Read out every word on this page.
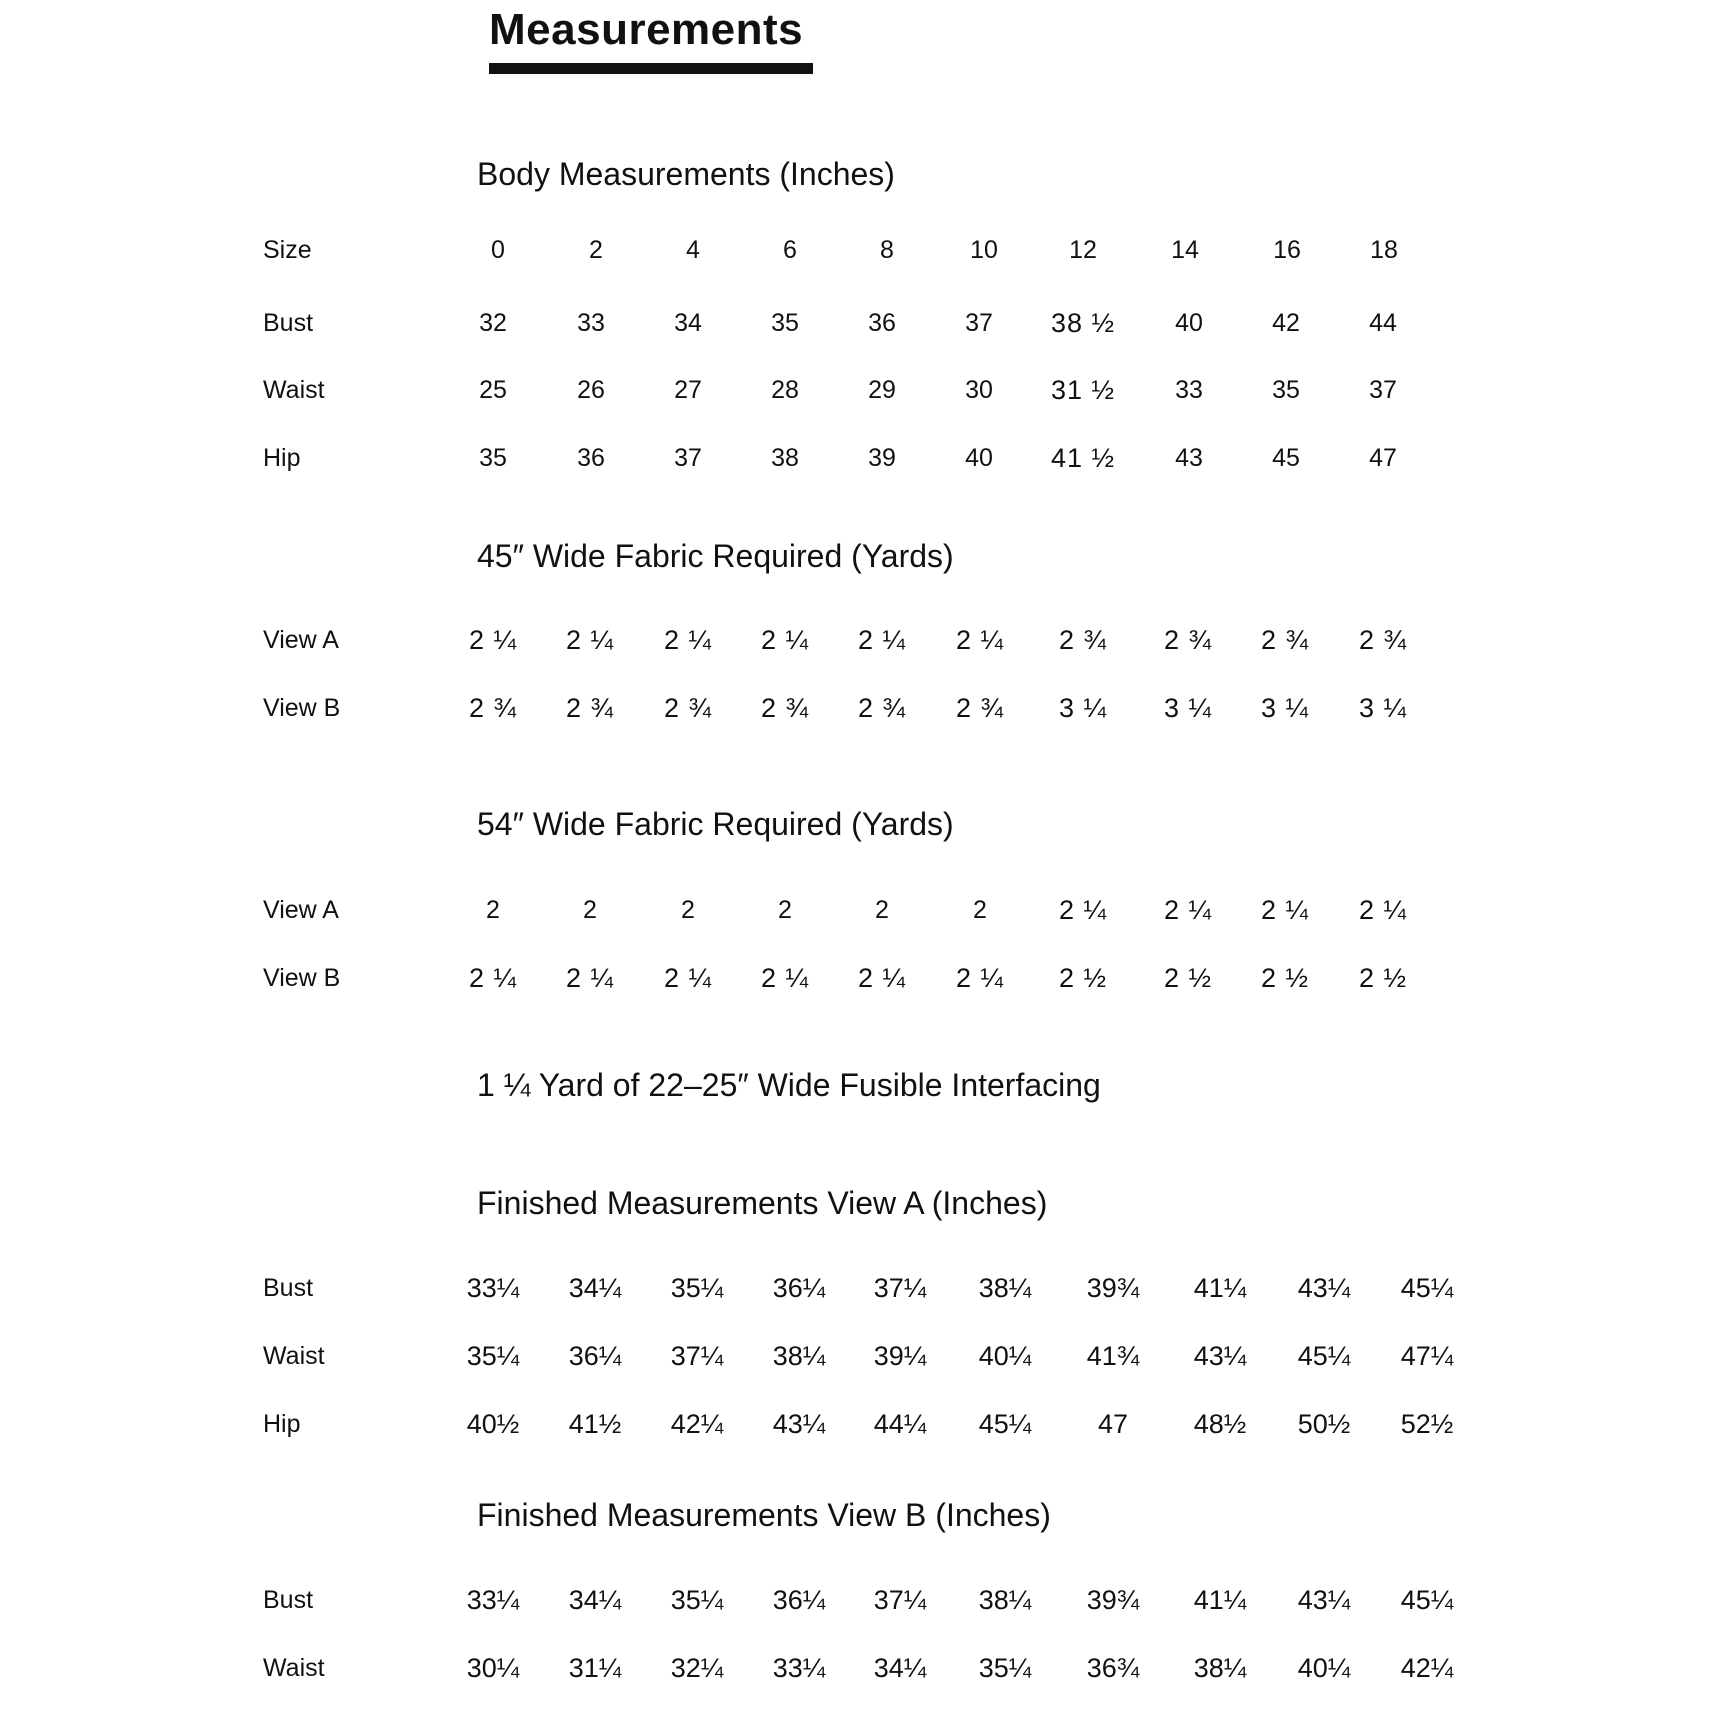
Measurements
Body Measurements (Inches)
Size	0	2	4	6	8	10	12	14	16	18
Bust	32	33	34	35	36	37	38 ½	40	42	44
Waist	25	26	27	28	29	30	31 ½	33	35	37
Hip	35	36	37	38	39	40	41 ½	43	45	47
45″ Wide Fabric Required (Yards)
View A	2 ¼	2 ¼	2 ¼	2 ¼	2 ¼	2 ¼	2 ¾	2 ¾	2 ¾	2 ¾
View B	2 ¾	2 ¾	2 ¾	2 ¾	2 ¾	2 ¾	3 ¼	3 ¼	3 ¼	3 ¼
54″ Wide Fabric Required (Yards)
View A	2	2	2	2	2	2	2 ¼	2 ¼	2 ¼	2 ¼
View B	2 ¼	2 ¼	2 ¼	2 ¼	2 ¼	2 ¼	2 ½	2 ½	2 ½	2 ½
1 ¼ Yard of 22–25″ Wide Fusible Interfacing
Finished Measurements View A (Inches)
Bust	33¼	34¼	35¼	36¼	37¼	38¼	39¾	41¼	43¼	45¼
Waist	35¼	36¼	37¼	38¼	39¼	40¼	41¾	43¼	45¼	47¼
Hip	40½	41½	42¼	43¼	44¼	45¼	47	48½	50½	52½
Finished Measurements View B (Inches)
Bust	33¼	34¼	35¼	36¼	37¼	38¼	39¾	41¼	43¼	45¼
Waist	30¼	31¼	32¼	33¼	34¼	35¼	36¾	38¼	40¼	42¼
